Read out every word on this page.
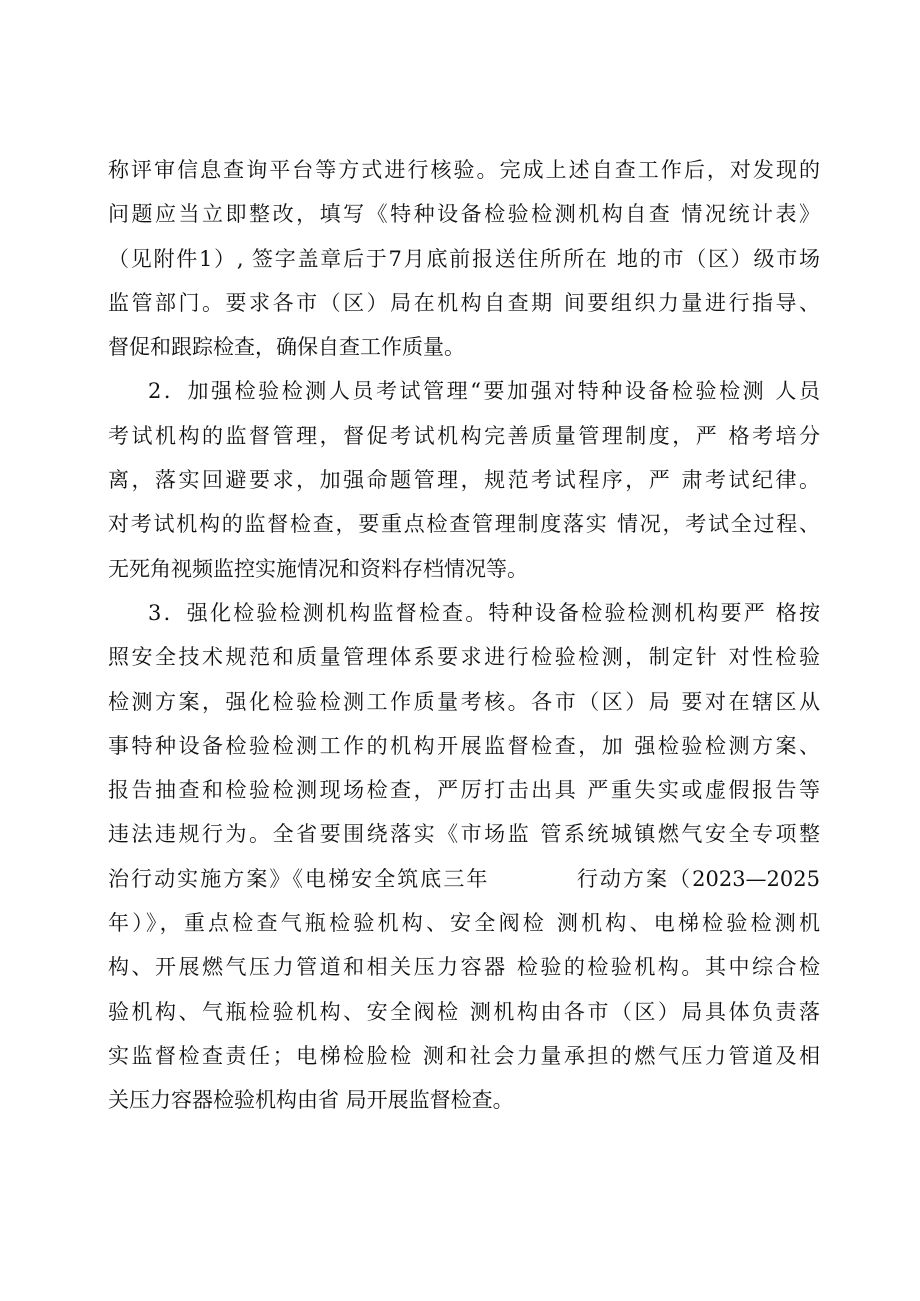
称评审信息查询平台等方式进行核验。完成上述自查工作后，对发现的
问题应当立即整改，填写《特种设备检验检测机构自查 情况统计表》
（见附件1）, 签字盖章后于7月底前报送住所所在 地的市（区）级市场
监管部门。要求各市（区）局在机构自查期 间要组织力量进行指导、
督促和跟踪检查，确保自查工作质量。
2．加强检验检测人员考试管理“要加强对特种设备检验检测 人员
考试机构的监督管理，督促考试机构完善质量管理制度，严 格考培分
离，落实回避要求，加强命题管理，规范考试程序，严 肃考试纪律。
对考试机构的监督检查，要重点检查管理制度落实 情况，考试全过程、
无死角视频监控实施情况和资料存档情况等。
3．强化检验检测机构监督检查。特种设备检验检测机构要严 格按
照安全技术规范和质量管理体系要求进行检验检测，制定针 对性检验
检测方案，强化检验检测工作质量考核。各市（区）局 要对在辖区从
事特种设备检验检测工作的机构开展监督检查，加 强检验检测方案、
报告抽查和检验检测现场检查，严厉打击出具 严重失实或虚假报告等
违法违规行为。全省要围绕落实《市场监 管系统城镇燃气安全专项整
治行动实施方案》《电梯安全筑底三年          行动方案（2023—2025
年）》，重点检查气瓶检验机构、安全阀检 测机构、电梯检验检测机
构、开展燃气压力管道和相关压力容器 检验的检验机构。其中综合检
验机构、气瓶检验机构、安全阀检 测机构由各市（区）局具体负责落
实监督检查责任；电梯检脸检 测和社会力量承担的燃气压力管道及相
关压力容器检验机构由省 局开展监督检查。
